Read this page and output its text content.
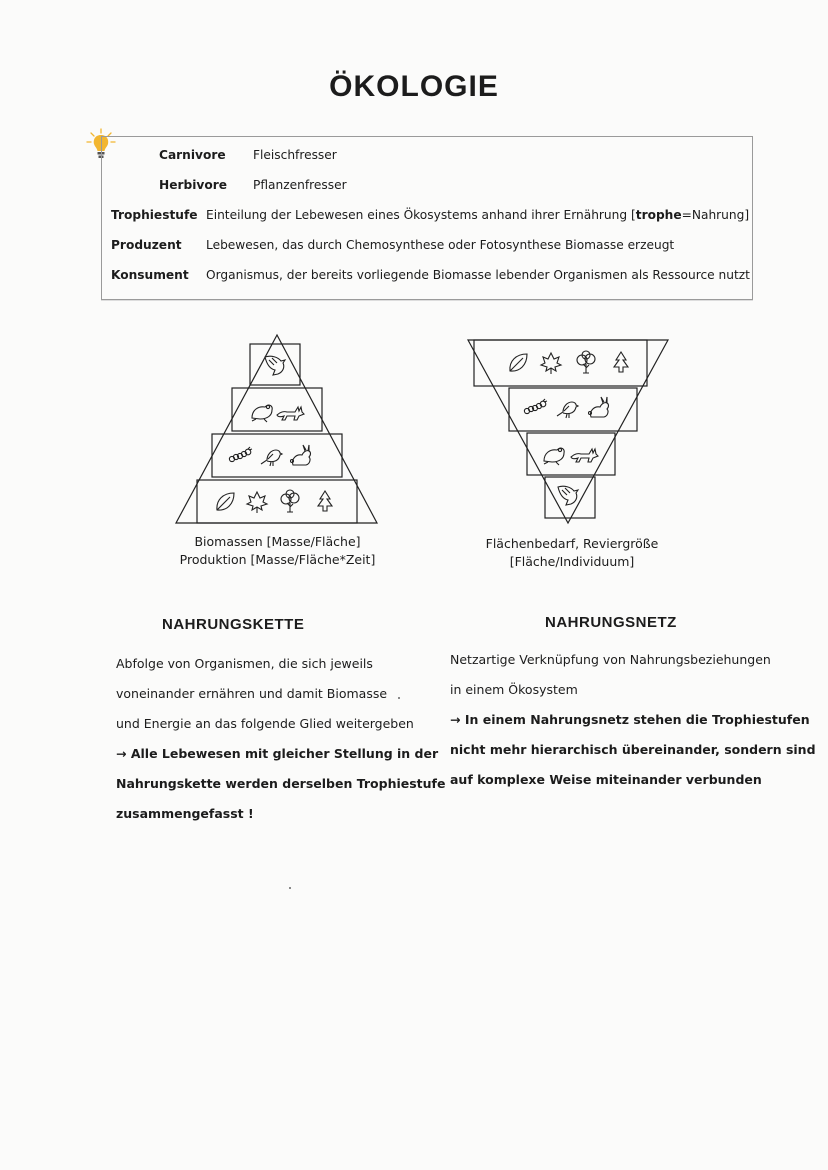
ÖKOLOGIE
Carnivore Fleischfresser
Herbivore Pflanzenfresser
Trophiestufe Einteilung der Lebewesen eines Ökosystems anhand ihrer Ernährung [trophe=Nahrung]
Produzent Lebewesen, das durch Chemosynthese oder Fotosynthese Biomasse erzeugt
Konsument Organismus, der bereits vorliegende Biomasse lebender Organismen als Ressource nutzt
Biomassen [Masse/Fläche]
Produktion [Masse/Fläche*Zeit]
Flächenbedarf, Reviergröße
[Fläche/Individuum]
NAHRUNGSKETTE
Abfolge von Organismen, die sich jeweils
voneinander ernähren und damit Biomasse
und Energie an das folgende Glied weitergeben
→ Alle Lebewesen mit gleicher Stellung in der
Nahrungskette werden derselben Trophiestufe
zusammengefasst !
NAHRUNGSNETZ
Netzartige Verknüpfung von Nahrungsbeziehungen
in einem Ökosystem
→ In einem Nahrungsnetz stehen die Trophiestufen
nicht mehr hierarchisch übereinander, sondern sind
auf komplexe Weise miteinander verbunden
